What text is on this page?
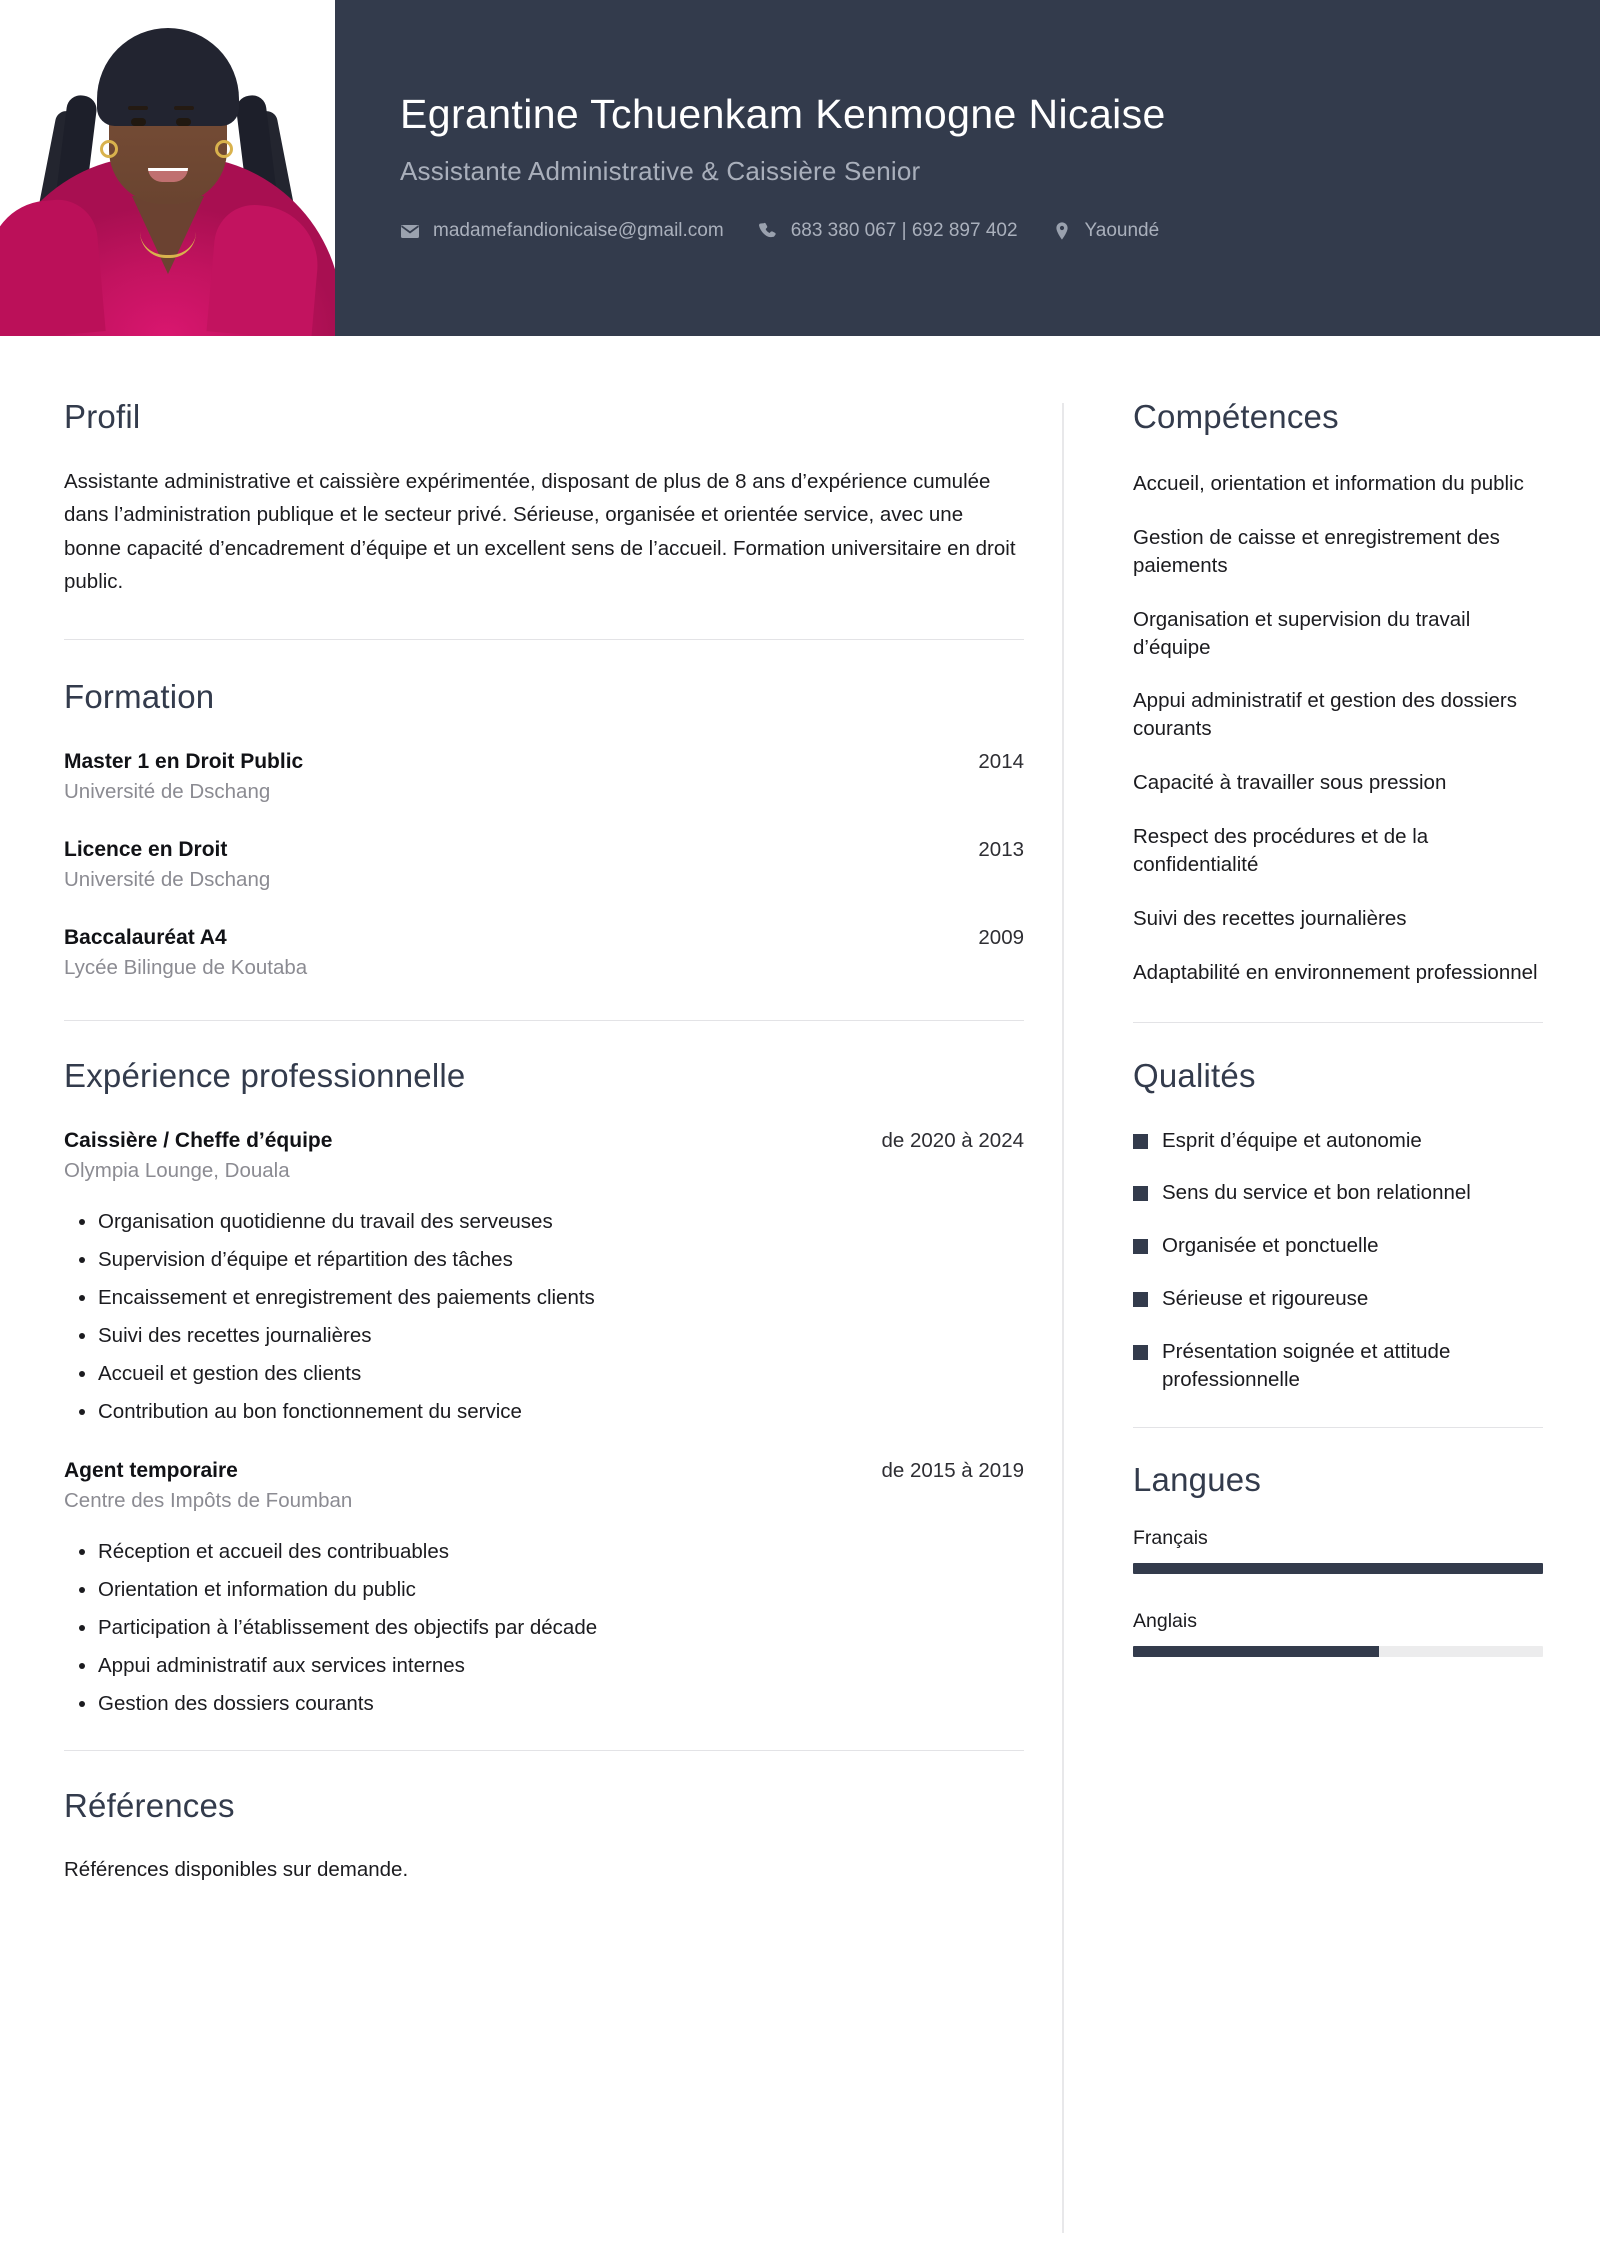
Egrantine Tchuenkam Kenmogne Nicaise
Assistante Administrative & Caissière Senior
madamefandionicaise@gmail.com	683 380 067 | 692 897 402	Yaoundé
Profil

Assistante administrative et caissière expérimentée, disposant de plus de 8 ans d’expérience cumulée dans l’administration publique et le secteur privé. Sérieuse, organisée et orientée service, avec une bonne capacité d’encadrement d’équipe et un excellent sens de l’accueil. Formation universitaire en droit public.

Formation
Master 1 en Droit Public	2014
Université de Dschang
Licence en Droit	2013
Université de Dschang
Baccalauréat A4	2009
Lycée Bilingue de Koutaba
Expérience professionnelle
Caissière / Cheffe d’équipe	de 2020 à 2024
Olympia Lounge, Douala
• Organisation quotidienne du travail des serveuses
• Supervision d’équipe et répartition des tâches
• Encaissement et enregistrement des paiements clients
• Suivi des recettes journalières
• Accueil et gestion des clients
• Contribution au bon fonctionnement du service
Agent temporaire	de 2015 à 2019
Centre des Impôts de Foumban
• Réception et accueil des contribuables
• Orientation et information du public
• Participation à l’établissement des objectifs par décade
• Appui administratif aux services internes
• Gestion des dossiers courants
Références

Références disponibles sur demande.

Compétences
Accueil, orientation et information du public
Gestion de caisse et enregistrement des paiements
Organisation et supervision du travail d’équipe
Appui administratif et gestion des dossiers courants
Capacité à travailler sous pression
Respect des procédures et de la confidentialité
Suivi des recettes journalières
Adaptabilité en environnement professionnel
Qualités
Esprit d’équipe et autonomie
Sens du service et bon relationnel
Organisée et ponctuelle
Sérieuse et rigoureuse
Présentation soignée et attitude professionnelle
Langues
Français
Anglais
